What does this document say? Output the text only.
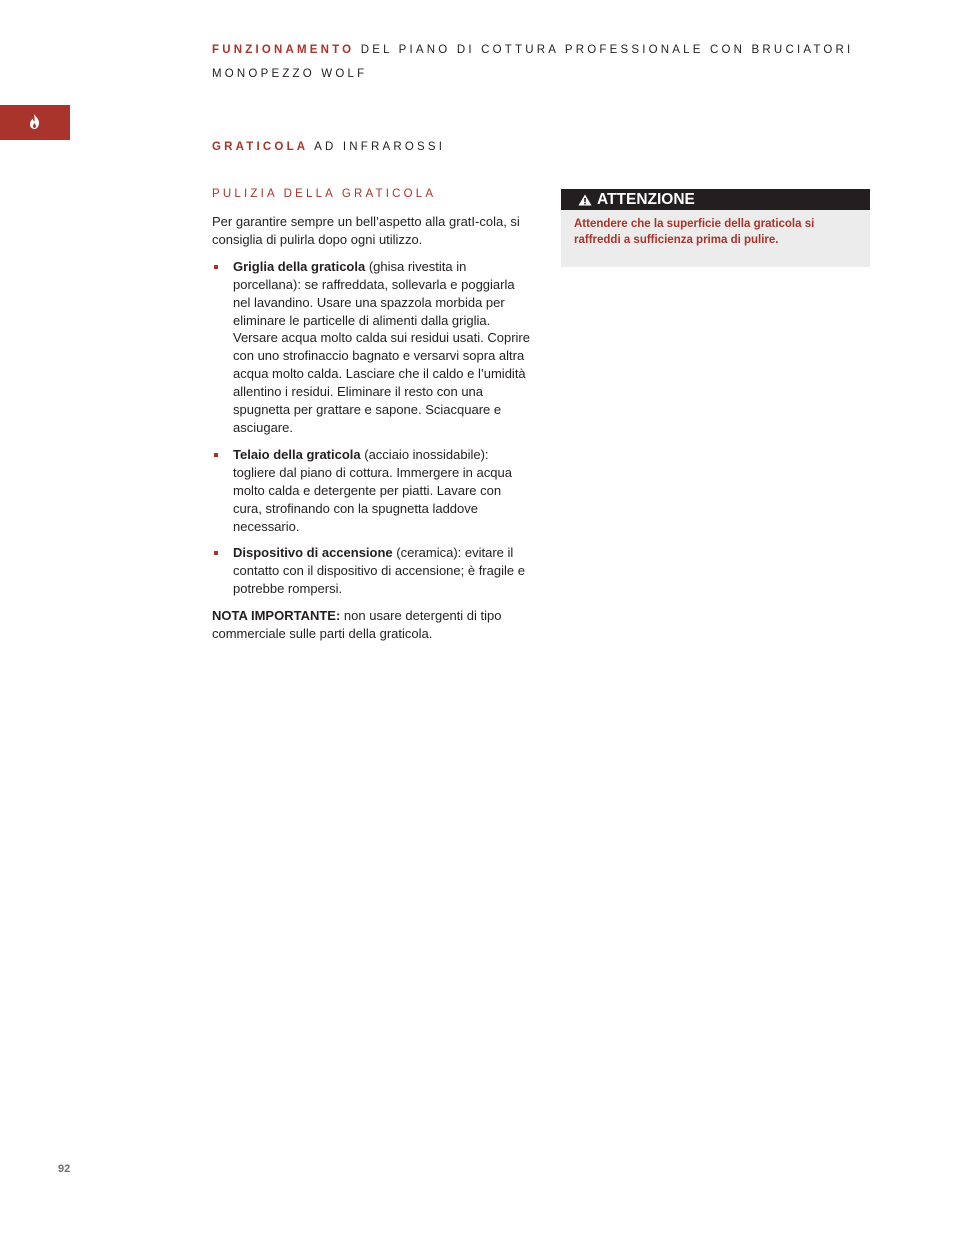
FUNZIONAMENTO DEL PIANO DI COTTURA PROFESSIONALE CON BRUCIATORI MONOPEZZO WOLF
GRATICOLA AD INFRAROSSI
PULIZIA DELLA GRATICOLA

Per garantire sempre un bell’aspetto alla gratI-cola, si consiglia di pulirla dopo ogni utilizzo.

Griglia della graticola (ghisa rivestita in porcellana): se raffreddata, sollevarla e poggiarla nel lavandino. Usare una spazzola morbida per eliminare le particelle di alimenti dalla griglia. Versare acqua molto calda sui residui usati. Coprire con uno strofinaccio bagnato e versarvi sopra altra acqua molto calda. Lasciare che il caldo e l’umidità allentino i residui. Eliminare il resto con una spugnetta per grattare e sapone. Sciacquare e asciugare.
Telaio della graticola (acciaio inossidabile): togliere dal piano di cottura. Immergere in acqua molto calda e detergente per piatti. Lavare con cura, strofinando con la spugnetta laddove necessario.
Dispositivo di accensione (ceramica): evitare il contatto con il dispositivo di accensione; è fragile e potrebbe rompersi.

NOTA IMPORTANTE: non usare detergenti di tipo commerciale sulle parti della graticola.

ATTENZIONE
Attendere che la superficie della graticola si raffreddi a sufficienza prima di pulire.
92
